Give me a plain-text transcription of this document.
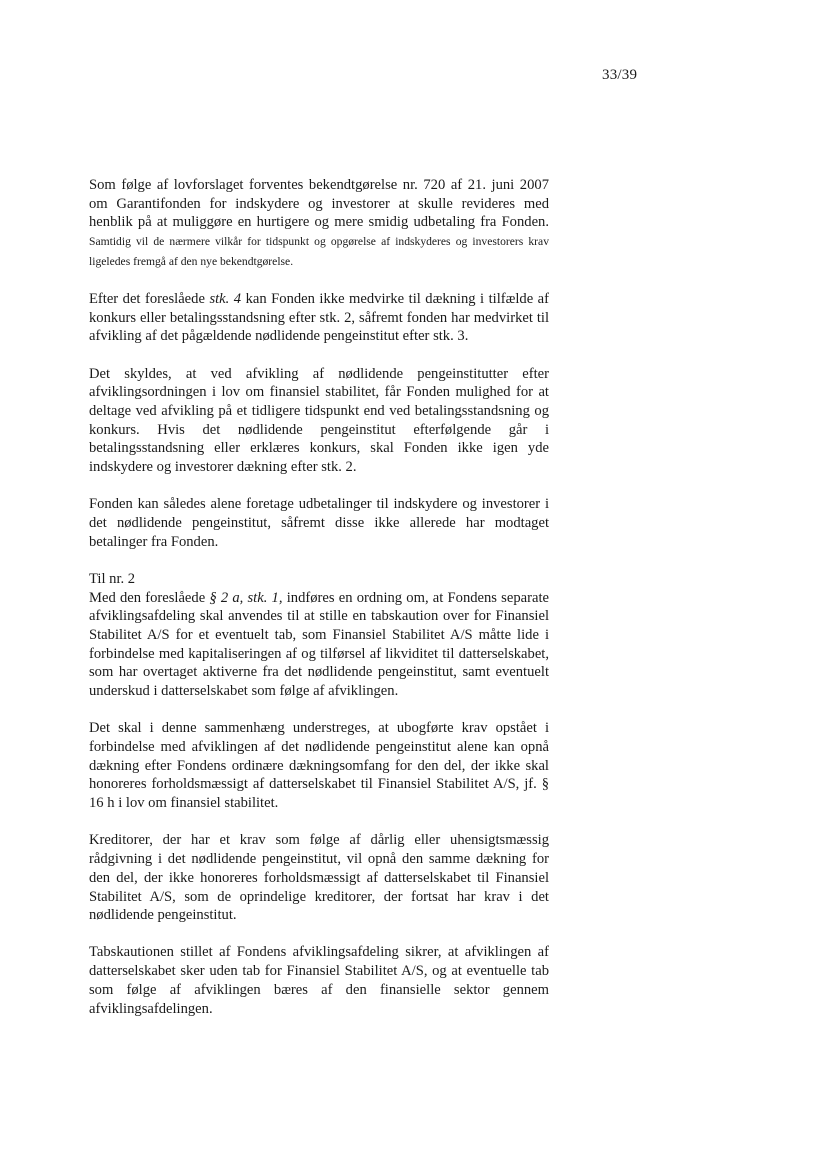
33/39

Som følge af lovforslaget forventes bekendtgørelse nr. 720 af 21. juni 2007 om Garantifonden for indskydere og investorer at skulle revideres med henblik på at muliggøre en hurtigere og mere smidig udbetaling fra Fonden. Samtidig vil de nærmere vilkår for tidspunkt og opgørelse af indskyderes og investorers krav ligeledes fremgå af den nye bekendtgørelse.

Efter det foreslåede stk. 4 kan Fonden ikke medvirke til dækning i tilfælde af konkurs eller betalingsstandsning efter stk. 2, såfremt fonden har medvirket til afvikling af det pågældende nødlidende pengeinstitut efter stk. 3.

Det skyldes, at ved afvikling af nødlidende pengeinstitutter efter afviklingsordningen i lov om finansiel stabilitet, får Fonden mulighed for at deltage ved afvikling på et tidligere tidspunkt end ved betalingsstandsning og konkurs. Hvis det nødlidende pengeinstitut efterfølgende går i betalingsstandsning eller erklæres konkurs, skal Fonden ikke igen yde indskydere og investorer dækning efter stk. 2.

Fonden kan således alene foretage udbetalinger til indskydere og investorer i det nødlidende pengeinstitut, såfremt disse ikke allerede har modtaget betalinger fra Fonden.

Til nr. 2
Med den foreslåede § 2 a, stk. 1, indføres en ordning om, at Fondens separate afviklingsafdeling skal anvendes til at stille en tabskaution over for Finansiel Stabilitet A/S for et eventuelt tab, som Finansiel Stabilitet A/S måtte lide i forbindelse med kapitaliseringen af og tilførsel af likviditet til datterselskabet, som har overtaget aktiverne fra det nødlidende pengeinstitut, samt eventuelt underskud i datterselskabet som følge af afviklingen.

Det skal i denne sammenhæng understreges, at ubogførte krav opstået i forbindelse med afviklingen af det nødlidende pengeinstitut alene kan opnå dækning efter Fondens ordinære dækningsomfang for den del, der ikke skal honoreres forholdsmæssigt af datterselskabet til Finansiel Stabilitet A/S, jf. § 16 h i lov om finansiel stabilitet.

Kreditorer, der har et krav som følge af dårlig eller uhensigtsmæssig rådgivning i det nødlidende pengeinstitut, vil opnå den samme dækning for den del, der ikke honoreres forholdsmæssigt af datterselskabet til Finansiel Stabilitet A/S, som de oprindelige kreditorer, der fortsat har krav i det nødlidende pengeinstitut.

Tabskautionen stillet af Fondens afviklingsafdeling sikrer, at afviklingen af datterselskabet sker uden tab for Finansiel Stabilitet A/S, og at eventuelle tab som følge af afviklingen bæres af den finansielle sektor gennem afviklingsafdelingen.
